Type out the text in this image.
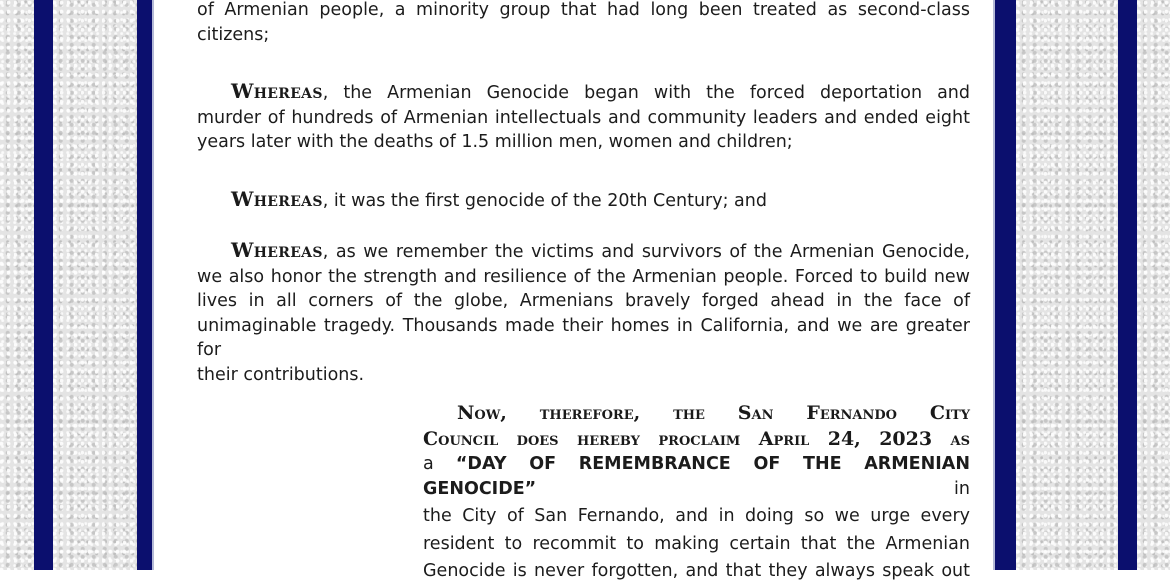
of Armenian people, a minority group that had long been treated as second-class
citizens;

Whereas, the Armenian Genocide began with the forced deportation and
murder of hundreds of Armenian intellectuals and community leaders and ended eight
years later with the deaths of 1.5 million men, women and children;

Whereas, it was the first genocide of the 20th Century; and

Whereas, as we remember the victims and survivors of the Armenian Genocide,
we also honor the strength and resilience of the Armenian people. Forced to build new
lives in all corners of the globe, Armenians bravely forged ahead in the face of
unimaginable tragedy. Thousands made their homes in California, and we are greater for
their contributions.

Now, therefore, the San Fernando City
Council does hereby proclaim April 24, 2023 as
a “DAY OF REMEMBRANCE OF THE ARMENIAN GENOCIDE”	in
the City of San Fernando, and in doing so we urge every
resident to recommit to making certain that the Armenian
Genocide is never forgotten, and that they always speak out
